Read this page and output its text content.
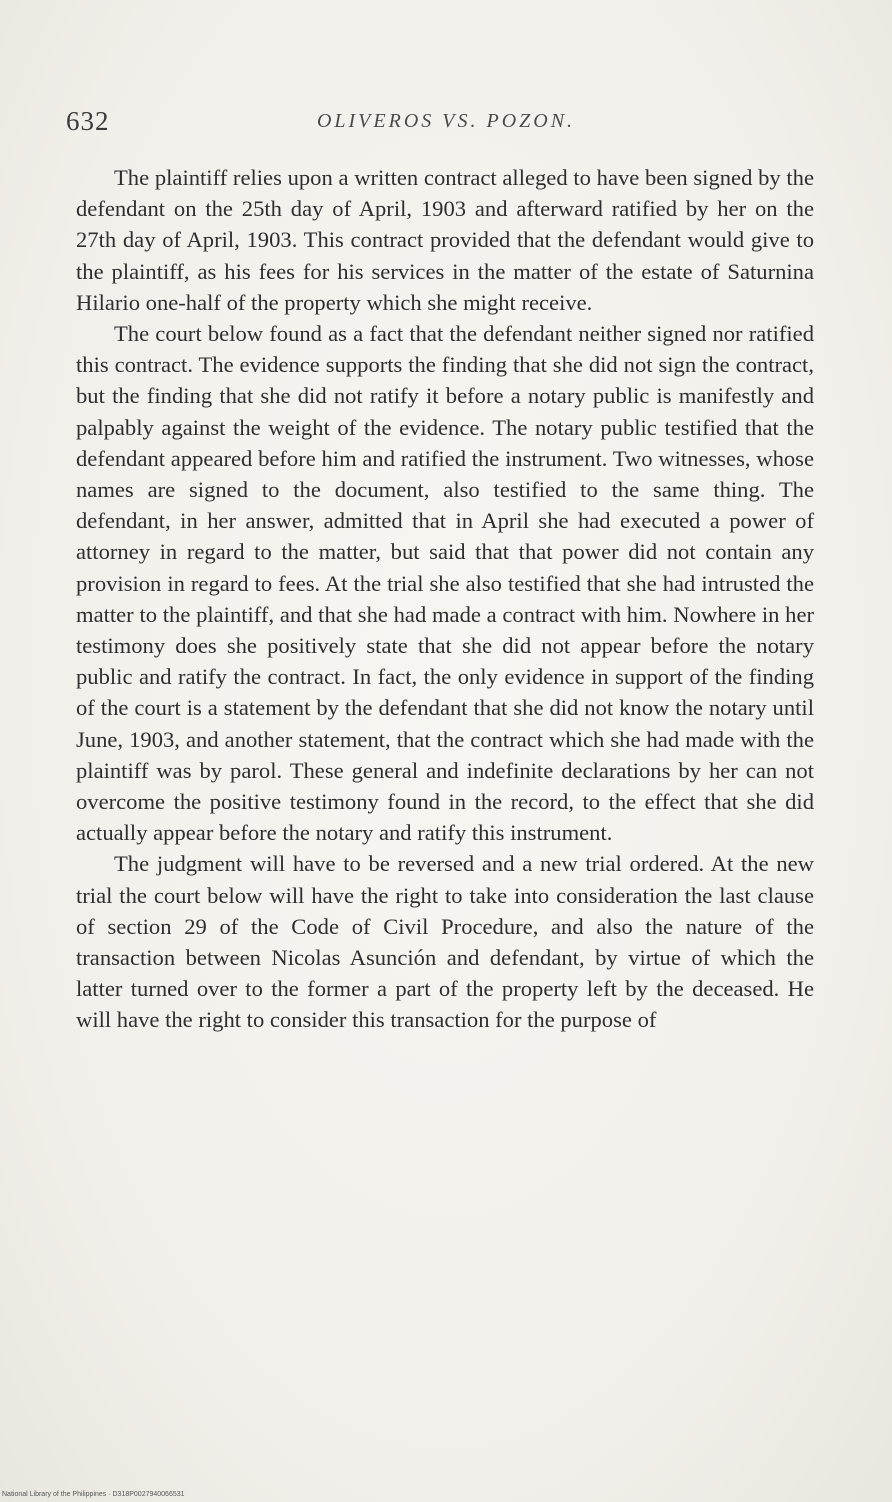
632	OLIVEROS VS. POZON.

The plaintiff relies upon a written contract alleged to have been signed by the defendant on the 25th day of April, 1903 and afterward ratified by her on the 27th day of April, 1903. This contract provided that the defendant would give to the plaintiff, as his fees for his services in the matter of the estate of Saturnina Hilario one-half of the property which she might receive.

The court below found as a fact that the defendant neither signed nor ratified this contract. The evidence supports the finding that she did not sign the contract, but the finding that she did not ratify it before a notary public is manifestly and palpably against the weight of the evidence. The notary public testified that the defendant appeared before him and ratified the instrument. Two witnesses, whose names are signed to the document, also testified to the same thing. The defendant, in her answer, admitted that in April she had executed a power of attorney in regard to the matter, but said that that power did not contain any provision in regard to fees. At the trial she also testified that she had intrusted the matter to the plaintiff, and that she had made a contract with him. Nowhere in her testimony does she positively state that she did not appear before the notary public and ratify the contract. In fact, the only evidence in support of the finding of the court is a statement by the defendant that she did not know the notary until June, 1903, and another statement, that the contract which she had made with the plaintiff was by parol. These general and indefinite declarations by her can not overcome the positive testimony found in the record, to the effect that she did actually appear before the notary and ratify this instrument.

The judgment will have to be reversed and a new trial ordered. At the new trial the court below will have the right to take into consideration the last clause of section 29 of the Code of Civil Procedure, and also the nature of the transaction between Nicolas Asunción and defendant, by virtue of which the latter turned over to the former a part of the property left by the deceased. He will have the right to consider this transaction for the purpose of

National Library of the Philippines · D318P0027940066531
